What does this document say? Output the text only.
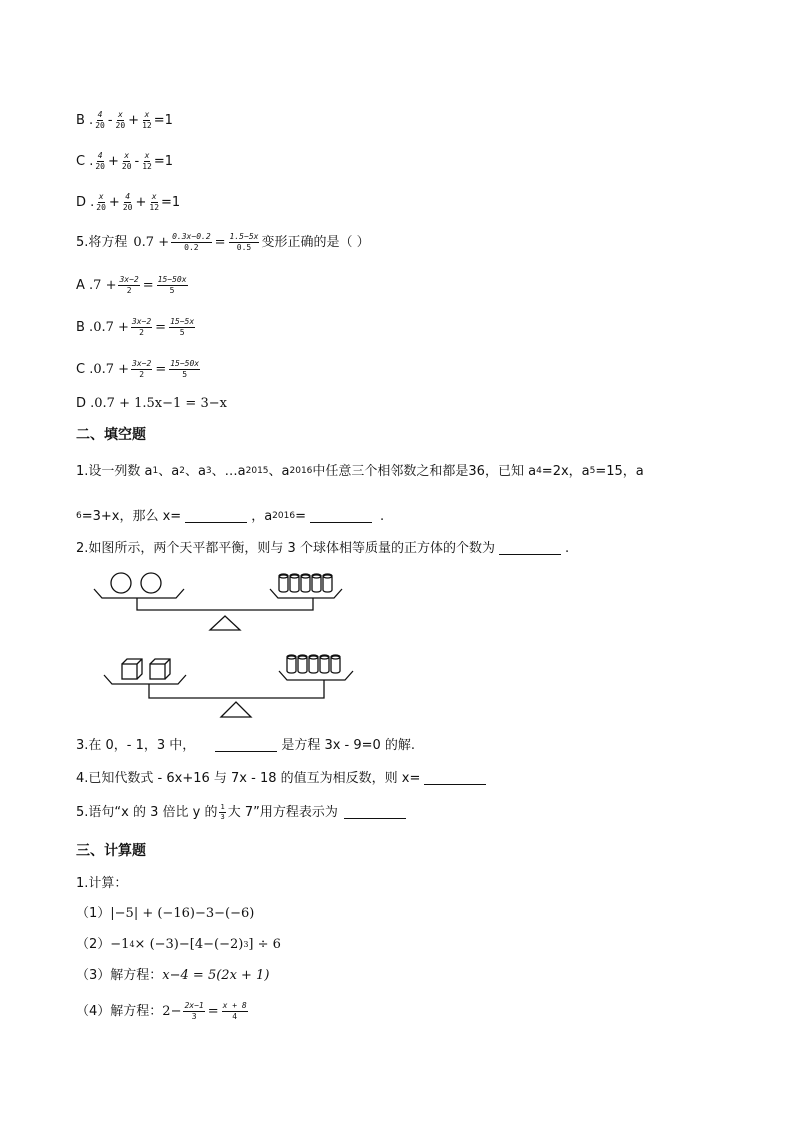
B . $\frac{4}{20} - \frac{x}{20} + \frac{x}{12} =1$
C . $\frac{4}{20} + \frac{x}{20} - \frac{x}{12} =1$
D . $\frac{x}{20} + \frac{4}{20} + \frac{x}{12} =1$
5.将方程 $0.7 + \frac{0.3x-0.2}{0.2} = \frac{1.5-5x}{0.5}$ 变形正确的是（ ）
A . $7 + \frac{3x-2}{2} = \frac{15-50x}{5}$
B . $0.7 + \frac{3x-2}{2} = \frac{15-5x}{5}$
C . $0.7 + \frac{3x-2}{2} = \frac{15-50x}{5}$
D . 0.7 + 1.5x−1 = 3−x
二、填空题
1.设一列数 a 1 、a 2 、a 3 、…a 2015 、a 2016 中任意三个相邻数之和都是36，已知 a 4 =2x，a 5 =15，a
6 =3+x，那么 x=	，a 2016 =	.
2.如图所示，两个天平都平衡，则与 3 个球体相等质量的正方体的个数为	.
3.在 0，- 1，3 中，	是方程 3x - 9=0 的解.
4.已知代数式 - 6x+16 与 7x - 18 的值互为相反数，则 x=
5.语句“x 的 3 倍比 y 的 $\frac{1}{3}$ 大 7”用方程表示为
三、计算题
1.计算：
（1） |−5| + (−16)−3−(−6)
（2） −1 4 × (−3)−[4−(−2) 3 ] ÷ 6
（3） 解方程： x−4 = 5(2x + 1)
（4） 解方程： $2- \frac{2x-1}{3} = \frac{x + 8}{4}$
